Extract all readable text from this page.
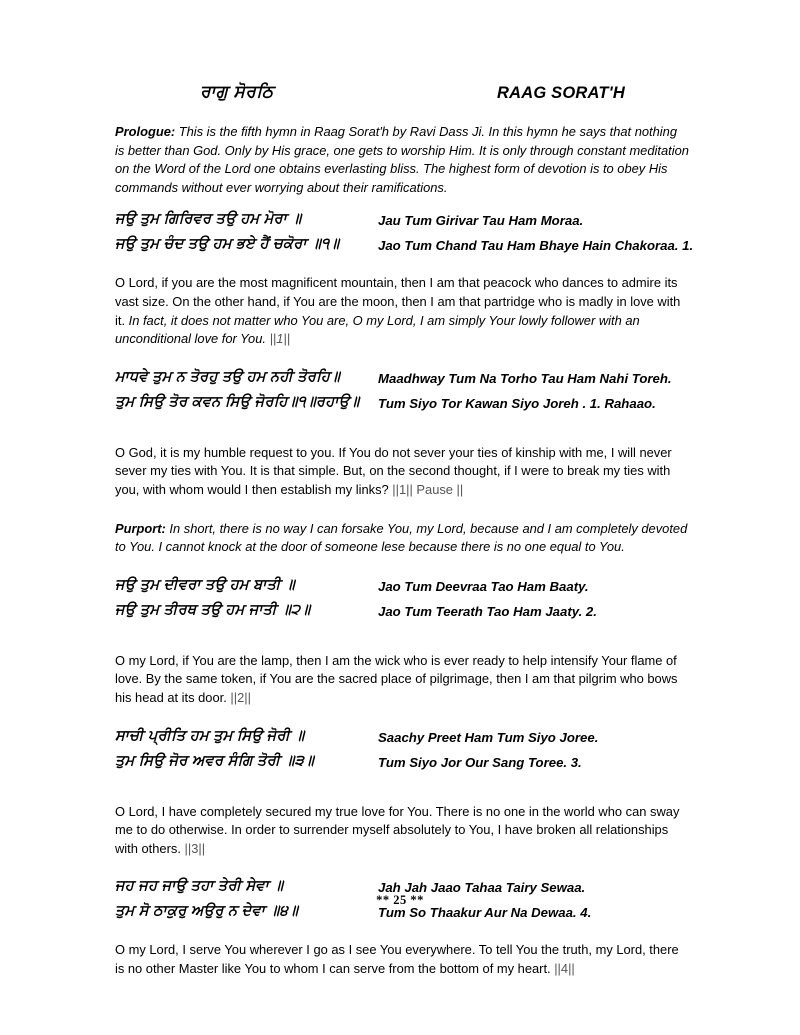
ਰਾਗੁ ਸੋਰਠਿ	RAAG SORAT'H
Prologue: This is the fifth hymn in Raag Sorat'h by Ravi Dass Ji. In this hymn he says that nothing is better than God. Only by His grace, one gets to worship Him. It is only through constant meditation on the Word of the Lord one obtains everlasting bliss. The highest form of devotion is to obey His commands without ever worrying about their ramifications.
ਜਉ ਤੁਮ ਗਿਰਿਵਰ ਤਉ ਹਮ ਮੋਰਾ ॥	Jau Tum Girivar Tau Ham Moraa.
ਜਉ ਤੁਮ ਚੰਦ ਤਉ ਹਮ ਭਏ ਹੈਂ ਚਕੋਰਾ ॥੧॥	Jao Tum Chand Tau Ham Bhaye Hain Chakoraa. 1.
O Lord, if you are the most magnificent mountain, then I am that peacock who dances to admire its vast size. On the other hand, if You are the moon, then I am that partridge who is madly in love with it. In fact, it does not matter who You are, O my Lord, I am simply Your lowly follower with an unconditional love for You. ||1||
ਮਾਧਵੇ ਤੁਮ ਨ ਤੋਰਹੁ ਤਉ ਹਮ ਨਹੀ ਤੋਰਹਿ॥	Maadhway Tum Na Torho Tau Ham Nahi Toreh.
ਤੁਮ ਸਿਉ ਤੋਰ ਕਵਨ ਸਿਉ ਜੋਰਹਿ॥੧॥ਰਹਾਉ॥ Tum Siyo Tor Kawan Siyo Joreh . 1. Rahaao.
O God, it is my humble request to you. If You do not sever your ties of kinship with me, I will never sever my ties with You. It is that simple. But, on the second thought, if I were to break my ties with you, with whom would I then establish my links? ||1|| Pause ||
Purport: In short, there is no way I can forsake You, my Lord, because and I am completely devoted to You. I cannot knock at the door of someone lese because there is no one equal to You.
ਜਉ ਤੁਮ ਦੀਵਰਾ ਤਉ ਹਮ ਬਾਤੀ ॥	Jao Tum Deevraa Tao Ham Baaty.
ਜਉ ਤੁਮ ਤੀਰਥ ਤਉ ਹਮ ਜਾਤੀ ॥੨॥	Jao Tum Teerath Tao Ham Jaaty. 2.
O my Lord, if You are the lamp, then I am the wick who is ever ready to help intensify Your flame of love. By the same token, if You are the sacred place of pilgrimage, then I am that pilgrim who bows his head at its door. ||2||
ਸਾਚੀ ਪ੍ਰੀਤਿ ਹਮ ਤੁਮ ਸਿਉ ਜੋਰੀ ॥	Saachy Preet Ham Tum Siyo Joree.
ਤੁਮ ਸਿਉ ਜੋਰ ਅਵਰ ਸੰਗਿ ਤੋਰੀ ॥੩॥	Tum Siyo Jor Our Sang Toree. 3.
O Lord, I have completely secured my true love for You. There is no one in the world who can sway me to do otherwise. In order to surrender myself absolutely to You, I have broken all relationships with others. ||3||
ਜਹ ਜਹ ਜਾਉ ਤਹਾ ਤੇਰੀ ਸੇਵਾ ॥	Jah Jah Jaao Tahaa Tairy Sewaa.
ਤੁਮ ਸੋ ਠਾਕੁਰੁ ਅਉਰੁ ਨ ਦੇਵਾ ॥੪॥	Tum So Thaakur Aur Na Dewaa. 4.
O my Lord, I serve You wherever I go as I see You everywhere. To tell You the truth, my Lord, there is no other Master like You to whom I can serve from the bottom of my heart. ||4||
** 25 **
